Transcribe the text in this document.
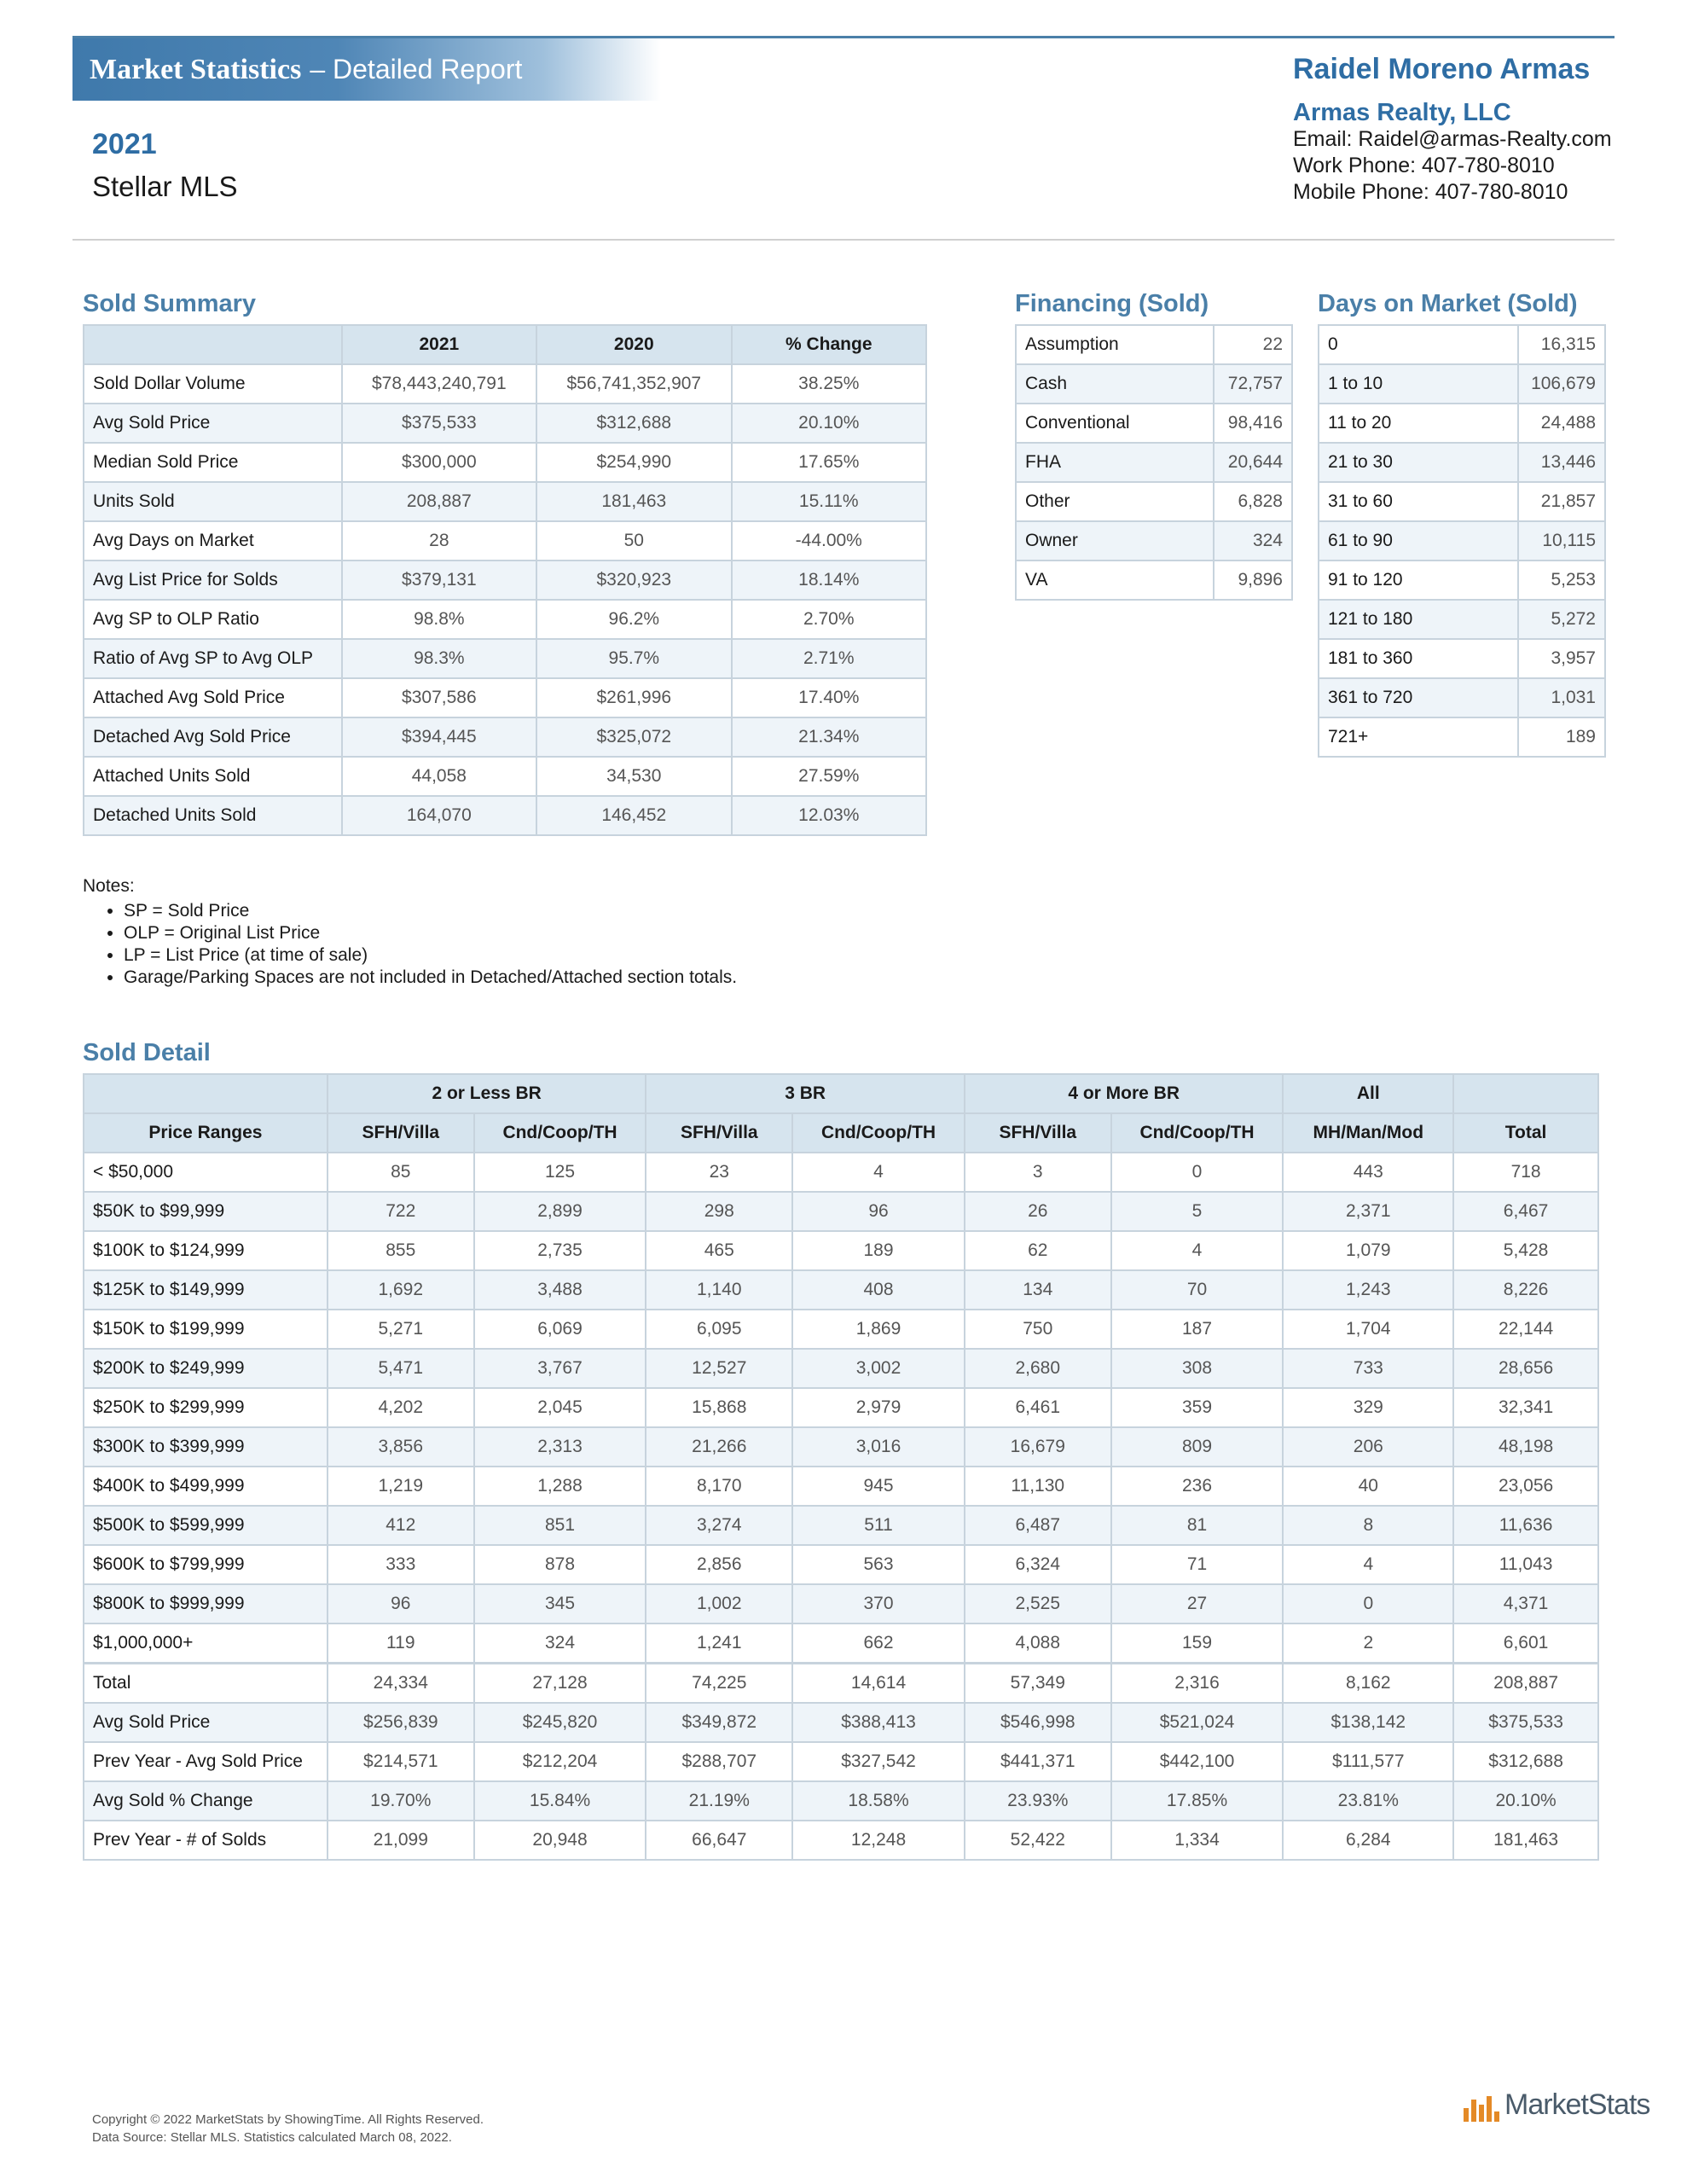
Market Statistics – Detailed Report
2021
Stellar MLS
Raidel Moreno Armas
Armas Realty, LLC
Email: Raidel@armas-Realty.com
Work Phone: 407-780-8010
Mobile Phone: 407-780-8010
Sold Summary
	2021	2020	% Change
Sold Dollar Volume	$78,443,240,791	$56,741,352,907	38.25%
Avg Sold Price	$375,533	$312,688	20.10%
Median Sold Price	$300,000	$254,990	17.65%
Units Sold	208,887	181,463	15.11%
Avg Days on Market	28	50	-44.00%
Avg List Price for Solds	$379,131	$320,923	18.14%
Avg SP to OLP Ratio	98.8%	96.2%	2.70%
Ratio of Avg SP to Avg OLP	98.3%	95.7%	2.71%
Attached Avg Sold Price	$307,586	$261,996	17.40%
Detached Avg Sold Price	$394,445	$325,072	21.34%
Attached Units Sold	44,058	34,530	27.59%
Detached Units Sold	164,070	146,452	12.03%
Financing (Sold)
Assumption	22
Cash	72,757
Conventional	98,416
FHA	20,644
Other	6,828
Owner	324
VA	9,896
Days on Market (Sold)
0	16,315
1 to 10	106,679
11 to 20	24,488
21 to 30	13,446
31 to 60	21,857
61 to 90	10,115
91 to 120	5,253
121 to 180	5,272
181 to 360	3,957
361 to 720	1,031
721+	189
Notes:
• SP = Sold Price
• OLP = Original List Price
• LP = List Price (at time of sale)
• Garage/Parking Spaces are not included in Detached/Attached section totals.
Sold Detail
	2 or Less BR		3 BR		4 or More BR		All	
Price Ranges	SFH/Villa	Cnd/Coop/TH	SFH/Villa	Cnd/Coop/TH	SFH/Villa	Cnd/Coop/TH	MH/Man/Mod	Total
< $50,000	85	125	23	4	3	0	443	718
$50K to $99,999	722	2,899	298	96	26	5	2,371	6,467
$100K to $124,999	855	2,735	465	189	62	4	1,079	5,428
$125K to $149,999	1,692	3,488	1,140	408	134	70	1,243	8,226
$150K to $199,999	5,271	6,069	6,095	1,869	750	187	1,704	22,144
$200K to $249,999	5,471	3,767	12,527	3,002	2,680	308	733	28,656
$250K to $299,999	4,202	2,045	15,868	2,979	6,461	359	329	32,341
$300K to $399,999	3,856	2,313	21,266	3,016	16,679	809	206	48,198
$400K to $499,999	1,219	1,288	8,170	945	11,130	236	40	23,056
$500K to $599,999	412	851	3,274	511	6,487	81	8	11,636
$600K to $799,999	333	878	2,856	563	6,324	71	4	11,043
$800K to $999,999	96	345	1,002	370	2,525	27	0	4,371
$1,000,000+	119	324	1,241	662	4,088	159	2	6,601
Total	24,334	27,128	74,225	14,614	57,349	2,316	8,162	208,887
Avg Sold Price	$256,839	$245,820	$349,872	$388,413	$546,998	$521,024	$138,142	$375,533
Prev Year - Avg Sold Price	$214,571	$212,204	$288,707	$327,542	$441,371	$442,100	$111,577	$312,688
Avg Sold % Change	19.70%	15.84%	21.19%	18.58%	23.93%	17.85%	23.81%	20.10%
Prev Year - # of Solds	21,099	20,948	66,647	12,248	52,422	1,334	6,284	181,463
Copyright © 2022 MarketStats by ShowingTime. All Rights Reserved.
Data Source: Stellar MLS. Statistics calculated March 08, 2022.
MarketStats
